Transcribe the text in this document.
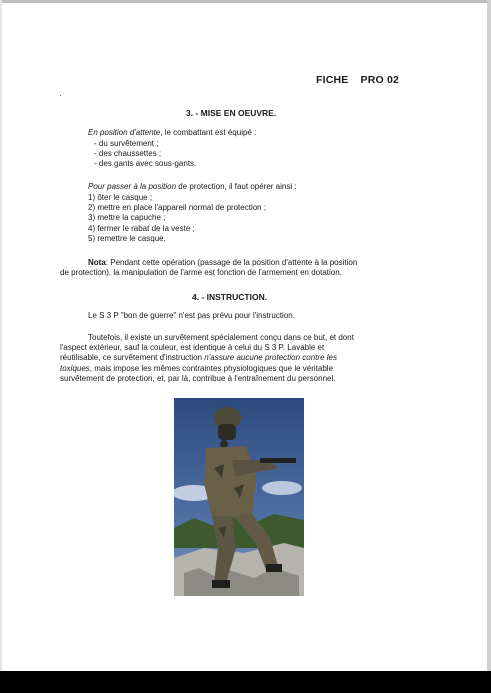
FICHE PRO 02
3. - MISE EN OEUVRE.
En position d'attente, le combattant est équipé :
- du survêtement ;
- des chaussettes ;
- des gants avec sous-gants.
Pour passer à la position de protection, il faut opérer ainsi :
1) ôter le casque ;
2) mettre en place l'appareil normal de protection ;
3) mettre la capuche ;
4) fermer le rabat de la veste ;
5) remettre le casque.
Nota: Pendant cette opération (passage de la position d'attente à la position
de protection), la manipulation de l'arme est fonction de l'armement en dotation.
4. - INSTRUCTION.
Le S 3 P "bon de guerre" n'est pas prévu pour l'instruction.
Toutefois, il existe un survêtement spécialement conçu dans ce but, et dont
l'aspect extérieur, sauf la couleur, est identique à celui du S 3 P. Lavable et
réutilisable, ce survêtement d'instruction n'assure aucune protection contre les
toxiques, mais impose les mêmes contraintes physiologiques que le véritable
survêtement de protection, et, par là, contribue à l'entraînement du personnel.
